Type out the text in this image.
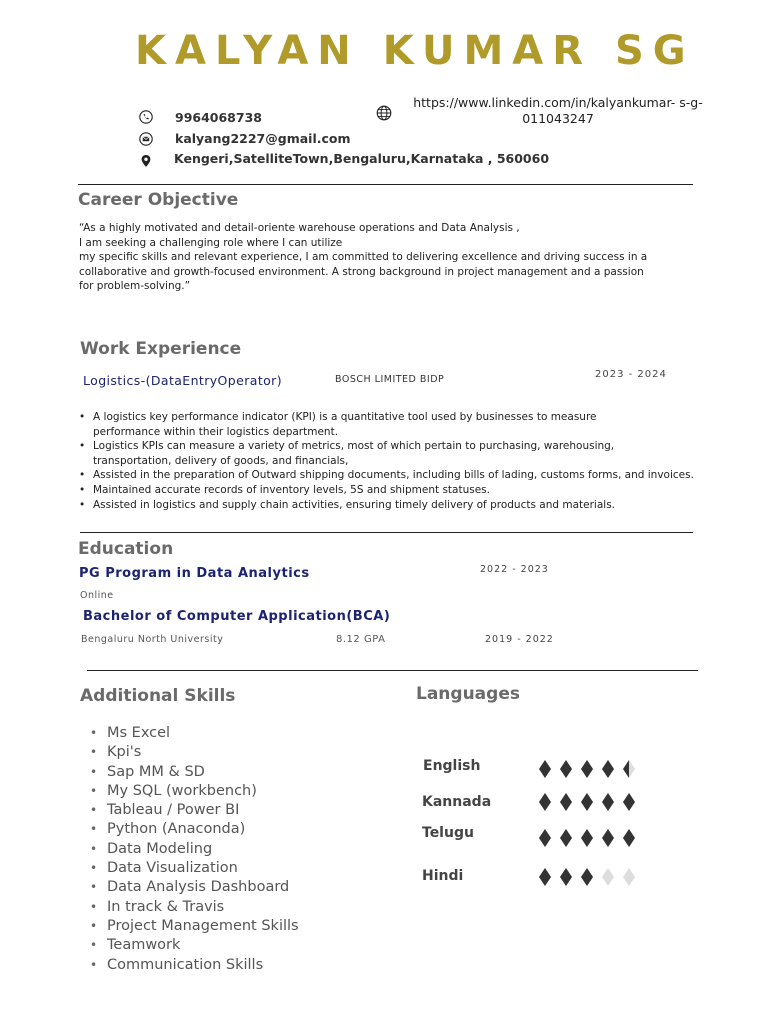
KALYAN KUMAR SG
9964068738
kalyang2227@gmail.com
Kengeri,SatelliteTown,Bengaluru,Karnataka , 560060
https://www.linkedin.com/in/kalyankumar- s-g-
011043247
Career Objective
“As a highly motivated and detail-oriente warehouse operations and Data Analysis ,
I am seeking a challenging role where I can utilize
my specific skills and relevant experience, I am committed to delivering excellence and driving success in a
collaborative and growth-focused environment. A strong background in project management and a passion
for problem-solving.”
Work Experience
Logistics-(DataEntryOperator)	BOSCH LIMITED BIDP	2023 - 2024
• A logistics key performance indicator (KPI) is a quantitative tool used by businesses to measure performance within their logistics department.
• Logistics KPIs can measure a variety of metrics, most of which pertain to purchasing, warehousing, transportation, delivery of goods, and financials,
• Assisted in the preparation of Outward shipping documents, including bills of lading, customs forms, and invoices.
• Maintained accurate records of inventory levels, 5S and shipment statuses.
• Assisted in logistics and supply chain activities, ensuring timely delivery of products and materials.
Education
PG Program in Data Analytics	2022 - 2023
Online
Bachelor of Computer Application(BCA)
Bengaluru North University	8.12 GPA	2019 - 2022
Additional Skills
• Ms Excel
• Kpi's
• Sap MM & SD
• My SQL (workbench)
• Tableau / Power BI
• Python (Anaconda)
• Data Modeling
• Data Visualization
• Data Analysis Dashboard
• In track & Travis
• Project Management Skills
• Teamwork
• Communication Skills
Languages
English
Kannada
Telugu
Hindi
